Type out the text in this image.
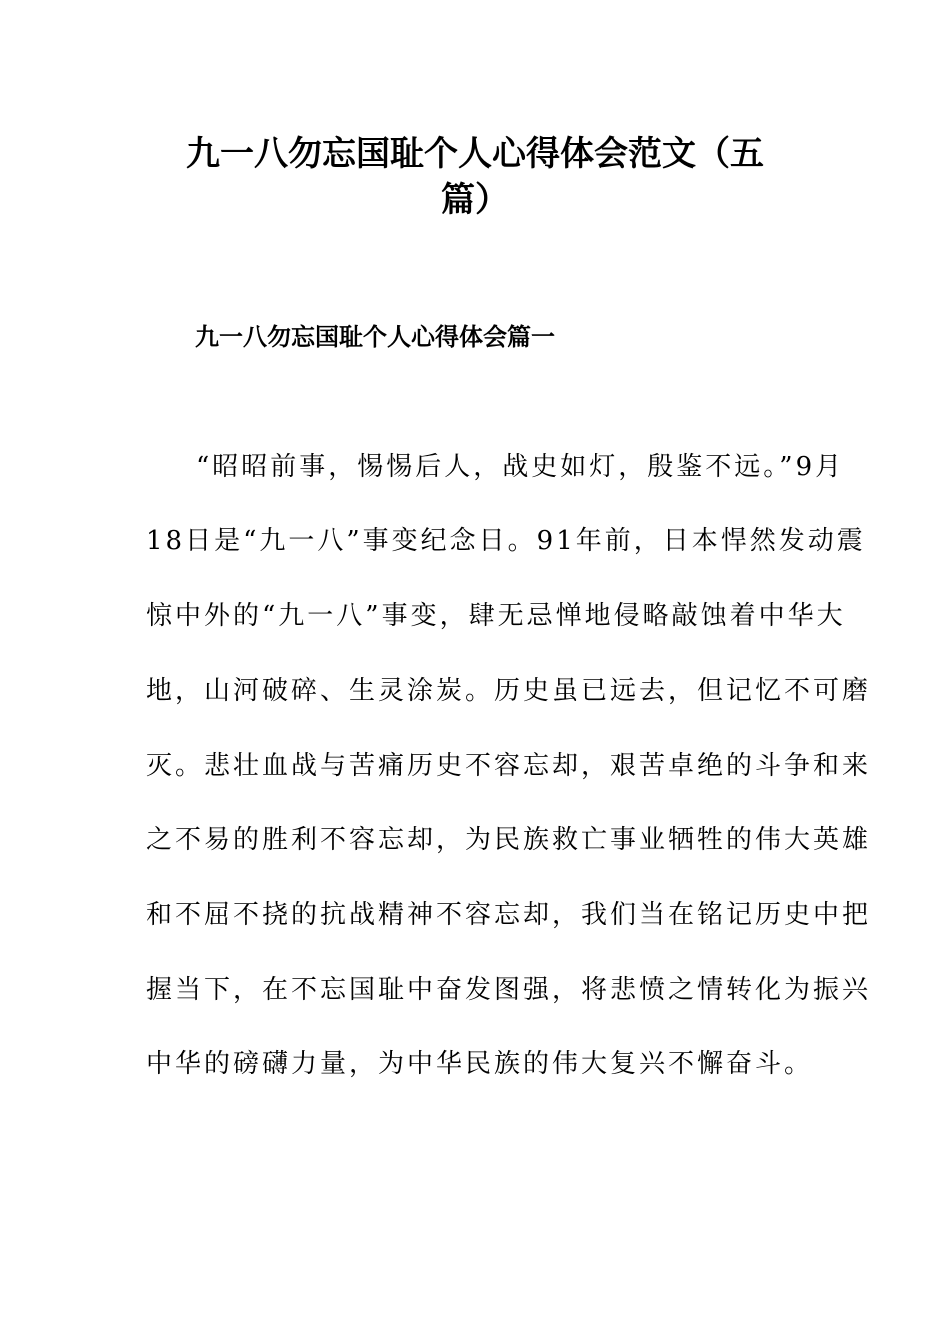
九一八勿忘国耻个人心得体会范文（五
篇）
九一八勿忘国耻个人心得体会篇一

“昭昭前事，惕惕后人，战史如灯，殷鉴不远。”9月

18日是“九一八”事变纪念日。91年前，日本悍然发动震

惊中外的“九一八”事变，肆无忌惮地侵略敲蚀着中华大

地，山河破碎、生灵涂炭。历史虽已远去，但记忆不可磨

灭。悲壮血战与苦痛历史不容忘却，艰苦卓绝的斗争和来

之不易的胜利不容忘却，为民族救亡事业牺牲的伟大英雄

和不屈不挠的抗战精神不容忘却，我们当在铭记历史中把

握当下，在不忘国耻中奋发图强，将悲愤之情转化为振兴

中华的磅礴力量，为中华民族的伟大复兴不懈奋斗。
